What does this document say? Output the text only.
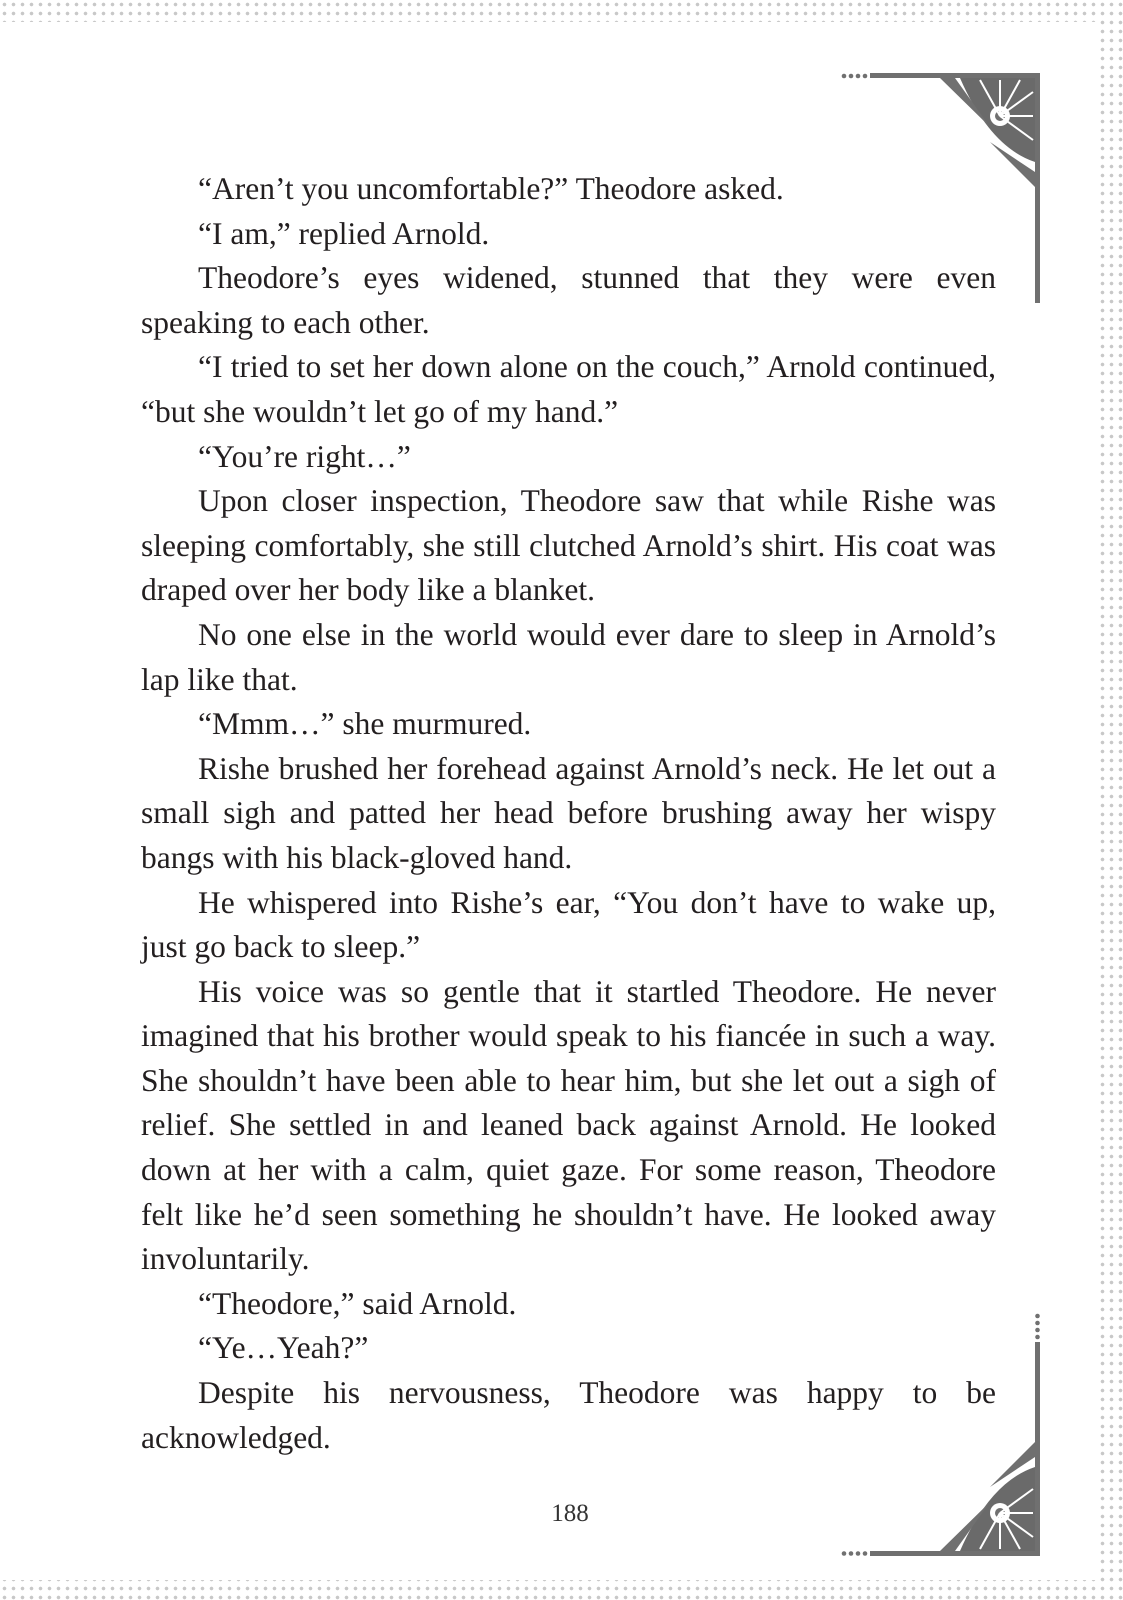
“Aren’t you uncomfortable?” Theodore asked.

“I am,” replied Arnold.

Theodore’s eyes widened, stunned that they were even speaking to each other.

“I tried to set her down alone on the couch,” Arnold continued, “but she wouldn’t let go of my hand.”

“You’re right…”

Upon closer inspection, Theodore saw that while Rishe was sleeping comfortably, she still clutched Arnold’s shirt. His coat was draped over her body like a blanket.

No one else in the world would ever dare to sleep in Arnold’s lap like that.

“Mmm…” she murmured.

Rishe brushed her forehead against Arnold’s neck. He let out a small sigh and patted her head before brushing away her wispy bangs with his black-gloved hand.

He whispered into Rishe’s ear, “You don’t have to wake up, just go back to sleep.”

His voice was so gentle that it startled Theodore. He never imagined that his brother would speak to his fiancée in such a way. She shouldn’t have been able to hear him, but she let out a sigh of relief. She settled in and leaned back against Arnold. He looked down at her with a calm, quiet gaze. For some reason, Theodore felt like he’d seen something he shouldn’t have. He looked away involuntarily.

“Theodore,” said Arnold.

“Ye…Yeah?”

Despite his nervousness, Theodore was happy to be acknowledged.

188
